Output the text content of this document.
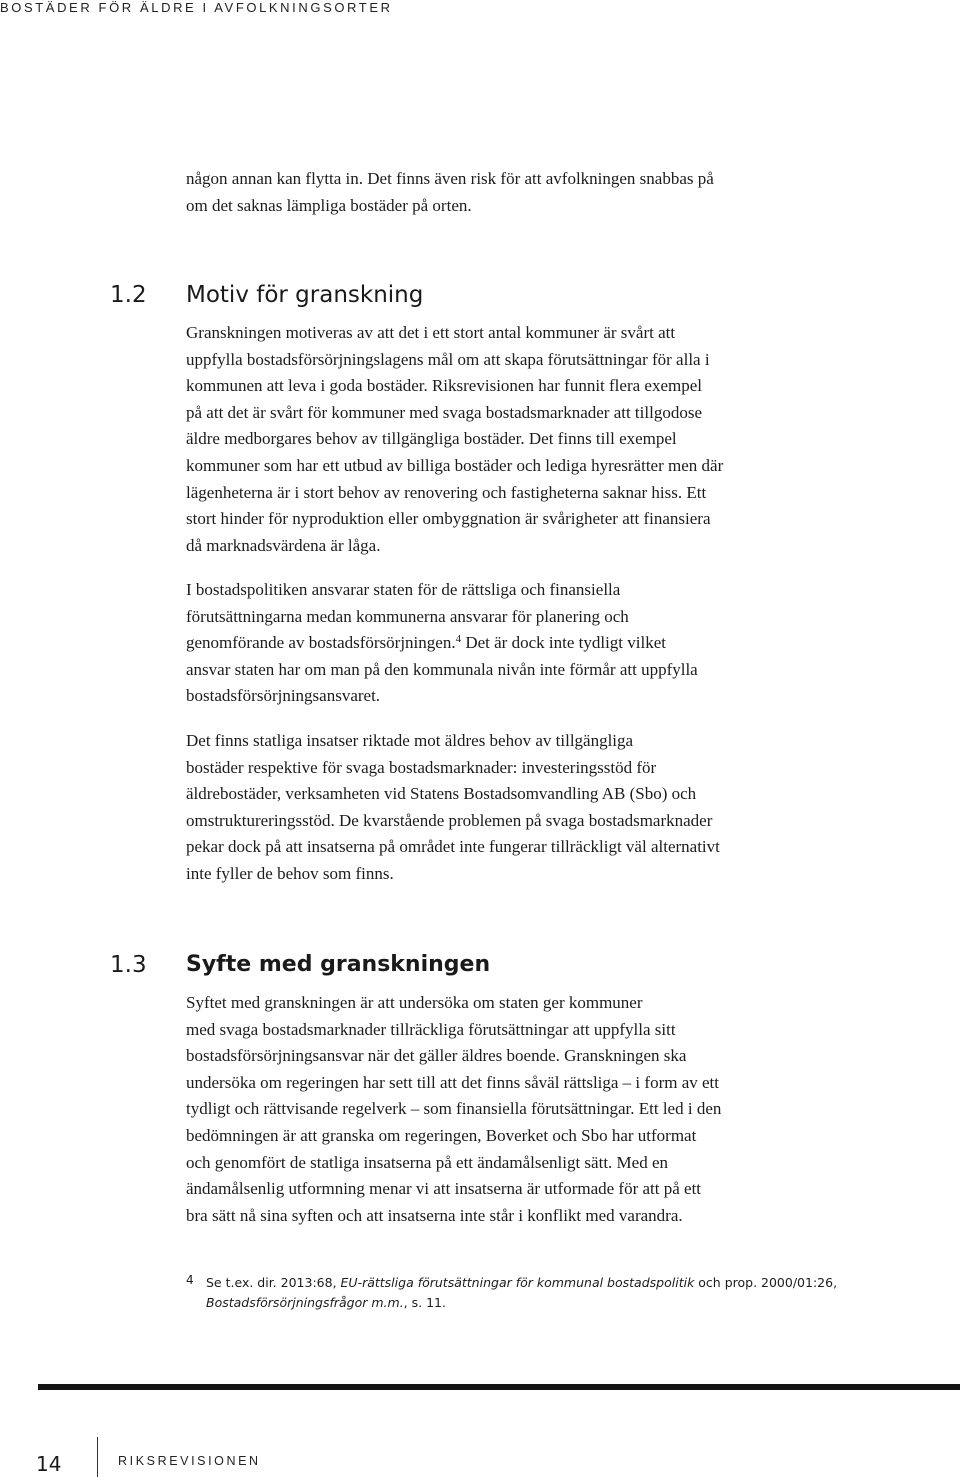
BOSTÄDER FÖR ÄLDRE I AVFOLKNINGSORTER

någon annan kan flytta in. Det finns även risk för att avfolkningen snabbas på
om det saknas lämpliga bostäder på orten.

1.2 Motiv för granskning

Granskningen motiveras av att det i ett stort antal kommuner är svårt att
uppfylla bostadsförsörjningslagens mål om att skapa förutsättningar för alla i
kommunen att leva i goda bostäder. Riksrevisionen har funnit flera exempel
på att det är svårt för kommuner med svaga bostadsmarknader att tillgodose
äldre medborgares behov av tillgängliga bostäder. Det finns till exempel
kommuner som har ett utbud av billiga bostäder och lediga hyresrätter men där
lägenheterna är i stort behov av renovering och fastigheterna saknar hiss. Ett
stort hinder för nyproduktion eller ombyggnation är svårigheter att finansiera
då marknadsvärdena är låga.

I bostadspolitiken ansvarar staten för de rättsliga och finansiella
förutsättningarna medan kommunerna ansvarar för planering och
genomförande av bostadsförsörjningen.$^4$ Det är dock inte tydligt vilket
ansvar staten har om man på den kommunala nivån inte förmår att uppfylla
bostadsförsörjningsansvaret.

Det finns statliga insatser riktade mot äldres behov av tillgängliga
bostäder respektive för svaga bostadsmarknader: investeringsstöd för
äldrebostäder, verksamheten vid Statens Bostadsomvandling AB (Sbo) och
omstruktureringsstöd. De kvarstående problemen på svaga bostadsmarknader
pekar dock på att insatserna på området inte fungerar tillräckligt väl alternativt
inte fyller de behov som finns.

1.3 Syfte med granskningen

Syftet med granskningen är att undersöka om staten ger kommuner
med svaga bostadsmarknader tillräckliga förutsättningar att uppfylla sitt
bostadsförsörjningsansvar när det gäller äldres boende. Granskningen ska
undersöka om regeringen har sett till att det finns såväl rättsliga – i form av ett
tydligt och rättvisande regelverk – som finansiella förutsättningar. Ett led i den
bedömningen är att granska om regeringen, Boverket och Sbo har utformat
och genomfört de statliga insatserna på ett ändamålsenligt sätt. Med en
ändamålsenlig utformning menar vi att insatserna är utformade för att på ett
bra sätt nå sina syften och att insatserna inte står i konflikt med varandra.

4 Se t.ex. dir. 2013:68, EU-rättsliga förutsättningar för kommunal bostadspolitik och prop. 2000/01:26,
Bostadsförsörjningsfrågor m.m., s. 11.
14	RIKSREVISIONEN
